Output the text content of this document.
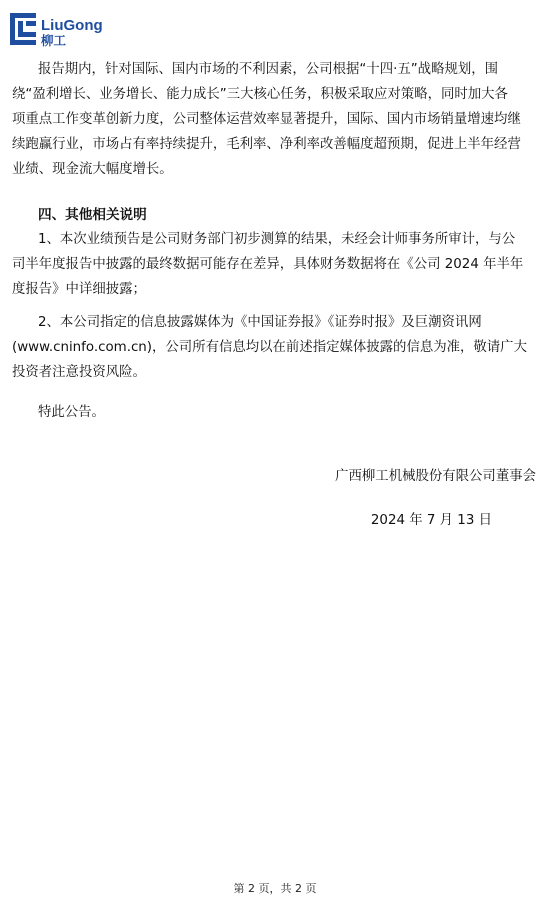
LiuGong
柳工
报告期内，针对国际、国内市场的不利因素，公司根据“十四·五”战略规划，围
绕“盈利增长、业务增长、能力成长”三大核心任务，积极采取应对策略，同时加大各
项重点工作变革创新力度，公司整体运营效率显著提升，国际、国内市场销量增速均继
续跑赢行业，市场占有率持续提升，毛利率、净利率改善幅度超预期，促进上半年经营
业绩、现金流大幅度增长。
四、其他相关说明
1、本次业绩预告是公司财务部门初步测算的结果，未经会计师事务所审计，与公
司半年度报告中披露的最终数据可能存在差异，具体财务数据将在《公司 2024 年半年
度报告》中详细披露；
2、本公司指定的信息披露媒体为《中国证券报》《证券时报》及巨潮资讯网
(www.cninfo.com.cn)，公司所有信息均以在前述指定媒体披露的信息为准，敬请广大
投资者注意投资风险。
特此公告。
广西柳工机械股份有限公司董事会
2024 年 7 月 13 日
第 2 页，共 2 页
